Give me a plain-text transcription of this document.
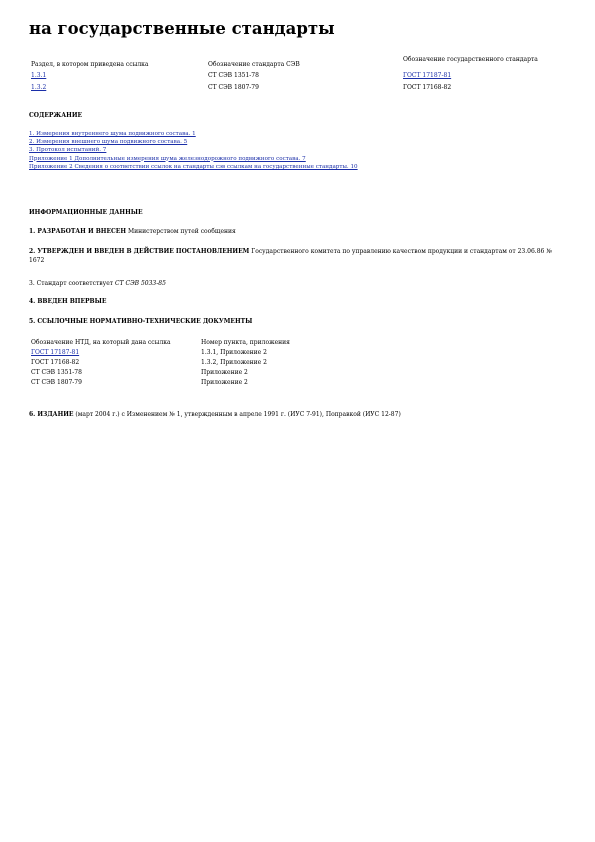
на государственные стандарты
Раздел, в котором приведена ссылка	Обозначение стандарта СЭВ
Обозначение государственного стандарта
1.3.1	СТ СЭВ 1351-78	ГОСТ 17187-81
1.3.2	СТ СЭВ 1807-79	ГОСТ 17168-82
СОДЕРЖАНИЕ
1. Измерения внутреннего шума подвижного состава. 1
2. Измерения внешнего шума подвижного состава. 5
3. Протокол испытаний. 7
Приложение 1 Дополнительные измерения шума железнодорожного подвижного состава. 7
Приложение 2 Сведения о соответствии ссылок на стандарты сэв ссылкам на государственные стандарты. 10
ИНФОРМАЦИОННЫЕ ДАННЫЕ
1. РАЗРАБОТАН И ВНЕСЕН Министерством путей сообщения
2. УТВЕРЖДЕН И ВВЕДЕН В ДЕЙСТВИЕ ПОСТАНОВЛЕНИЕМ Государственного комитета по управлению качеством продукции и стандартам от 23.06.86 № 1672
3. Стандарт соответствует СТ СЭВ 5033-85
4. ВВЕДЕН ВПЕРВЫЕ
5. ССЫЛОЧНЫЕ НОРМАТИВНО-ТЕХНИЧЕСКИЕ ДОКУМЕНТЫ
Обозначение НТД, на который дана ссылка	Номер пункта, приложения
ГОСТ 17187-81	1.3.1, Приложение 2
ГОСТ 17168-82	1.3.2, Приложение 2
СТ СЭВ 1351-78	Приложение 2
СТ СЭВ 1807-79	Приложение 2
6. ИЗДАНИЕ (март 2004 г.) с Изменением № 1, утвержденным в апреле 1991 г. (ИУС 7-91), Поправкой (ИУС 12-87)
